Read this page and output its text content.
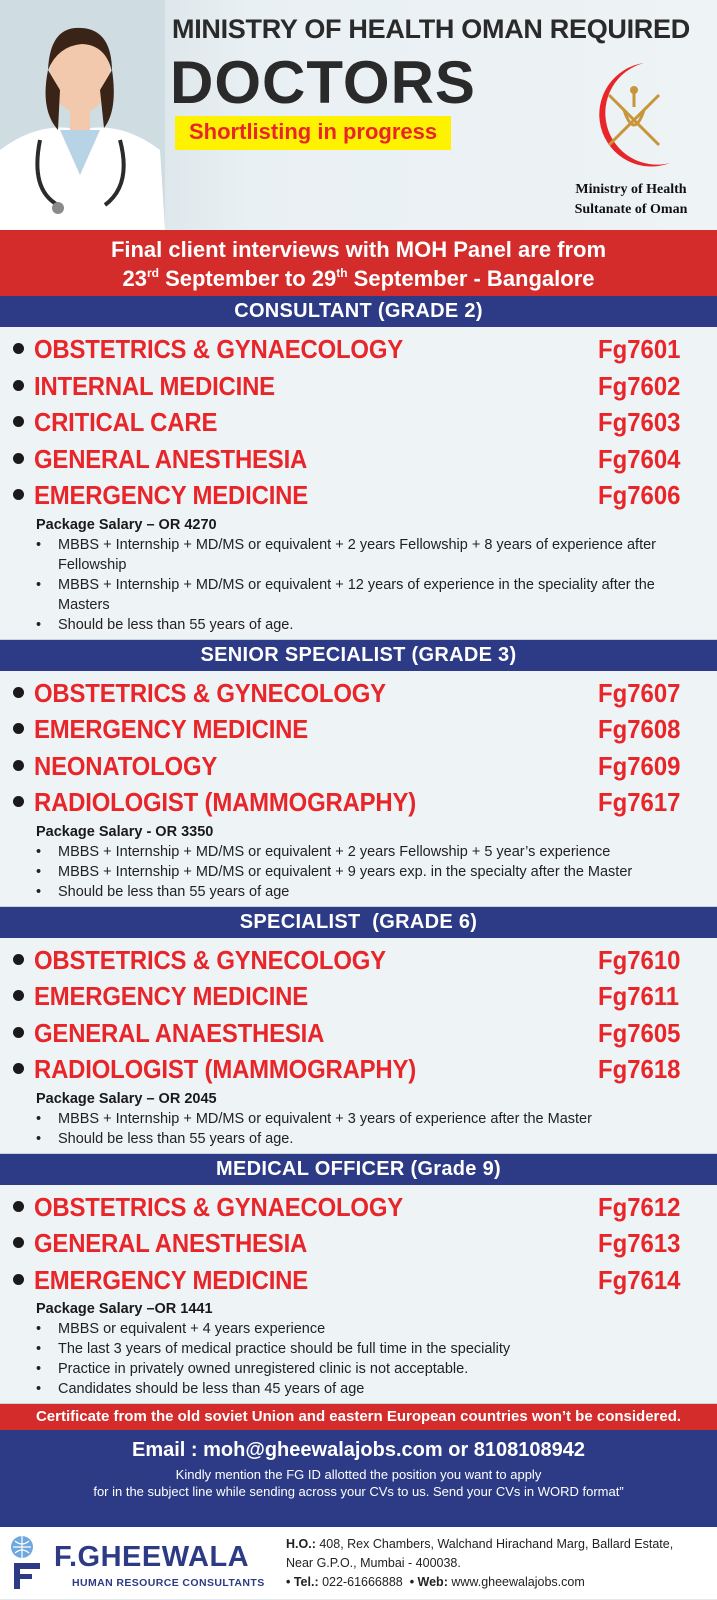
MINISTRY OF HEALTH OMAN REQUIRED
DOCTORS
Shortlisting in progress
Ministry of Health
Sultanate of Oman
Final client interviews with MOH Panel are from
23rd September to 29th September - Bangalore
CONSULTANT (GRADE 2)
OBSTETRICS & GYNAECOLOGY	Fg7601
INTERNAL MEDICINE	Fg7602
CRITICAL CARE	Fg7603
GENERAL ANESTHESIA	Fg7604
EMERGENCY MEDICINE	Fg7606
Package Salary – OR 4270
• MBBS + Internship + MD/MS or equivalent + 2 years Fellowship + 8 years of experience after Fellowship
• MBBS + Internship + MD/MS or equivalent + 12 years of experience in the speciality after the Masters
• Should be less than 55 years of age.
SENIOR SPECIALIST (GRADE 3)
OBSTETRICS & GYNECOLOGY	Fg7607
EMERGENCY MEDICINE	Fg7608
NEONATOLOGY	Fg7609
RADIOLOGIST (MAMMOGRAPHY)	Fg7617
Package Salary - OR 3350
• MBBS + Internship + MD/MS or equivalent + 2 years Fellowship + 5 year’s experience
• MBBS + Internship + MD/MS or equivalent + 9 years exp. in the specialty after the Master
• Should be less than 55 years of age
SPECIALIST  (GRADE 6)
OBSTETRICS & GYNECOLOGY	Fg7610
EMERGENCY MEDICINE	Fg7611
GENERAL ANAESTHESIA	Fg7605
RADIOLOGIST (MAMMOGRAPHY)	Fg7618
Package Salary – OR 2045
• MBBS + Internship + MD/MS or equivalent + 3 years of experience after the Master
• Should be less than 55 years of age.
MEDICAL OFFICER (Grade 9)
OBSTETRICS & GYNAECOLOGY	Fg7612
GENERAL ANESTHESIA	Fg7613
EMERGENCY MEDICINE	Fg7614
Package Salary –OR 1441
• MBBS or equivalent + 4 years experience
• The last 3 years of medical practice should be full time in the speciality
• Practice in privately owned unregistered clinic is not acceptable.
• Candidates should be less than 45 years of age
Certificate from the old soviet Union and eastern European countries won’t be considered.
Email : moh@gheewalajobs.com or 8108108942
Kindly mention the FG ID allotted the position you want to apply
for in the subject line while sending across your CVs to us. Send your CVs in WORD format”
F.GHEEWALA
HUMAN RESOURCE CONSULTANTS
H.O.: 408, Rex Chambers, Walchand Hirachand Marg, Ballard Estate,
Near G.P.O., Mumbai - 400038.
• Tel.: 022-61666888 • Web: www.gheewalajobs.com
